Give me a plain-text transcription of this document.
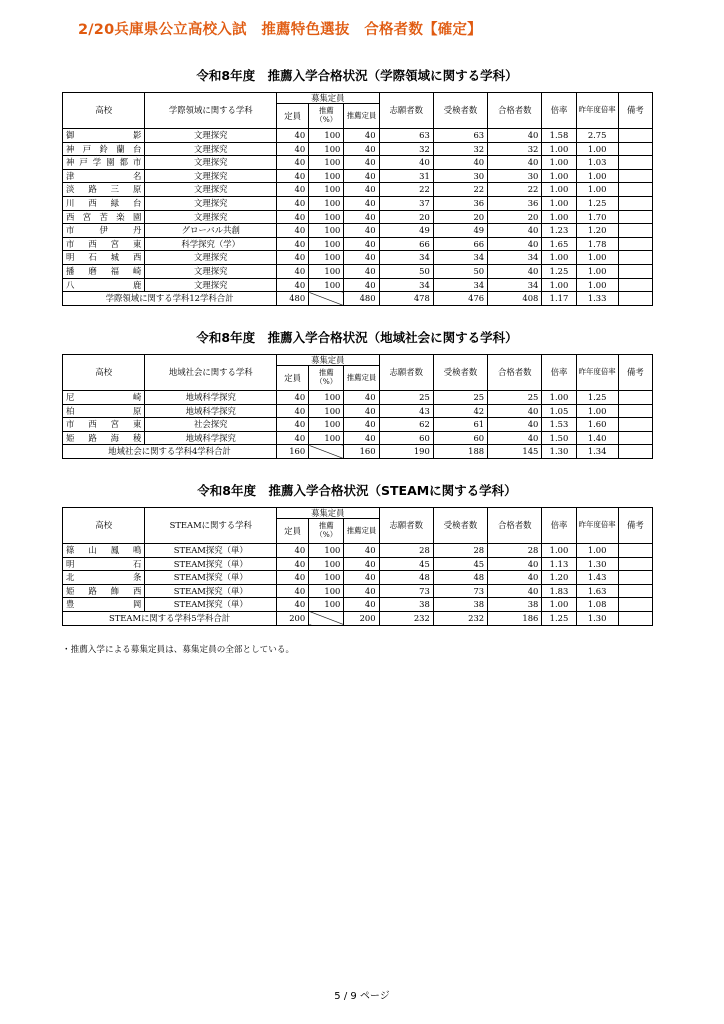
2/20兵庫県公立高校入試　推薦特色選抜　合格者数【確定】
令和8年度　推薦入学合格状況（学際領域に関する学科）
高校	学際領域に関する学科	募集定員			志願者数	受検者数	合格者数	倍率	昨年度倍率	備考
		定員	推薦（%）	推薦定員						
御影	文理探究	40	100	40	63	63	40	1.58	2.75	
神戸鈴蘭台	文理探究	40	100	40	32	32	32	1.00	1.00	
神戸学園都市	文理探究	40	100	40	40	40	40	1.00	1.03	
津名	文理探究	40	100	40	31	30	30	1.00	1.00	
淡路三原	文理探究	40	100	40	22	22	22	1.00	1.00	
川西緑台	文理探究	40	100	40	37	36	36	1.00	1.25	
西宮苦楽園	文理探究	40	100	40	20	20	20	1.00	1.70	
市伊丹	グローバル共創	40	100	40	49	49	40	1.23	1.20	
市西宮東	科学探究（学）	40	100	40	66	66	40	1.65	1.78	
明石城西	文理探究	40	100	40	34	34	34	1.00	1.00	
播磨福崎	文理探究	40	100	40	50	50	40	1.25	1.00	
八鹿	文理探究	40	100	40	34	34	34	1.00	1.00	
学際領域に関する学科12学科合計		480		480	478	476	408	1.17	1.33	
令和8年度　推薦入学合格状況（地域社会に関する学科）
高校	地域社会に関する学科	募集定員			志願者数	受検者数	合格者数	倍率	昨年度倍率	備考
		定員	推薦（%）	推薦定員						
尼崎	地域科学探究	40	100	40	25	25	25	1.00	1.25	
柏原	地域科学探究	40	100	40	43	42	40	1.05	1.00	
市西宮東	社会探究	40	100	40	62	61	40	1.53	1.60	
姫路海稜	地域科学探究	40	100	40	60	60	40	1.50	1.40	
地域社会に関する学科4学科合計		160		160	190	188	145	1.30	1.34	
令和8年度　推薦入学合格状況（STEAMに関する学科）
高校	STEAMに関する学科	募集定員			志願者数	受検者数	合格者数	倍率	昨年度倍率	備考
		定員	推薦（%）	推薦定員						
篠山鳳鳴	STEAM探究（単）	40	100	40	28	28	28	1.00	1.00	
明石	STEAM探究（単）	40	100	40	45	45	40	1.13	1.30	
北条	STEAM探究（単）	40	100	40	48	48	40	1.20	1.43	
姫路飾西	STEAM探究（単）	40	100	40	73	73	40	1.83	1.63	
豊岡	STEAM探究（単）	40	100	40	38	38	38	1.00	1.08	
STEAMに関する学科5学科合計		200		200	232	232	186	1.25	1.30	
・推薦入学による募集定員は、募集定員の全部としている。
5 / 9 ページ
